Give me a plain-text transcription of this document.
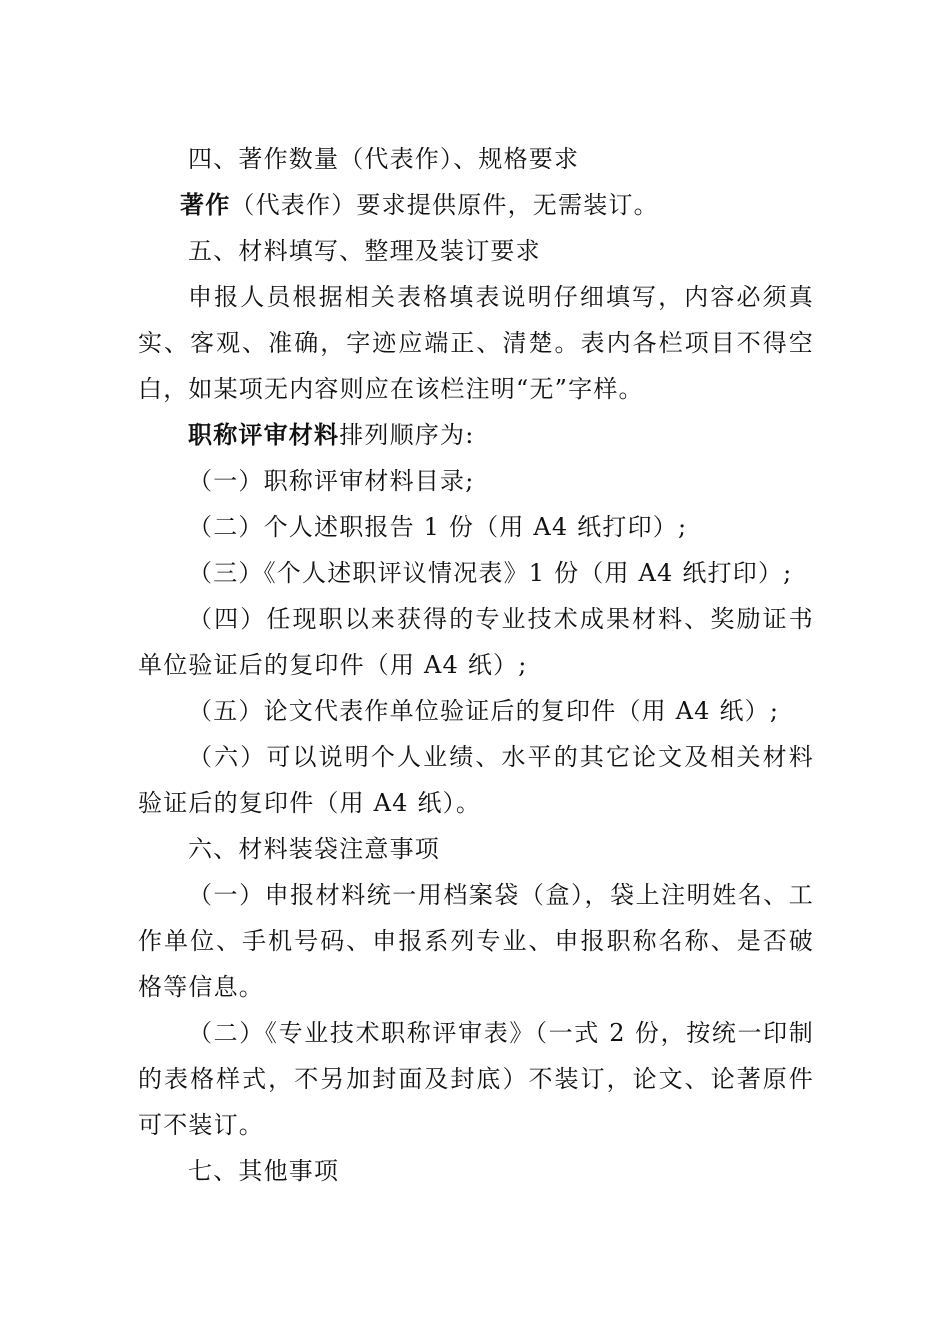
四、著作数量（代表作）、规格要求

著作（代表作）要求提供原件，无需装订。

五、材料填写、整理及装订要求

申报人员根据相关表格填表说明仔细填写，内容必须真实、客观、准确，字迹应端正、清楚。表内各栏项目不得空白，如某项无内容则应在该栏注明“无”字样。

职称评审材料排列顺序为:

（一）职称评审材料目录;

（二）个人述职报告 1 份（用 A4 纸打印）;

（三）《个人述职评议情况表》1 份（用 A4 纸打印）;

（四）任现职以来获得的专业技术成果材料、奖励证书单位验证后的复印件（用 A4 纸）;

（五）论文代表作单位验证后的复印件（用 A4 纸）;

（六）可以说明个人业绩、水平的其它论文及相关材料验证后的复印件（用 A4 纸）。

六、材料装袋注意事项

（一）申报材料统一用档案袋（盒），袋上注明姓名、工作单位、手机号码、申报系列专业、申报职称名称、是否破格等信息。

（二）《专业技术职称评审表》（一式 2 份，按统一印制的表格样式，不另加封面及封底）不装订，论文、论著原件可不装订。

七、其他事项
